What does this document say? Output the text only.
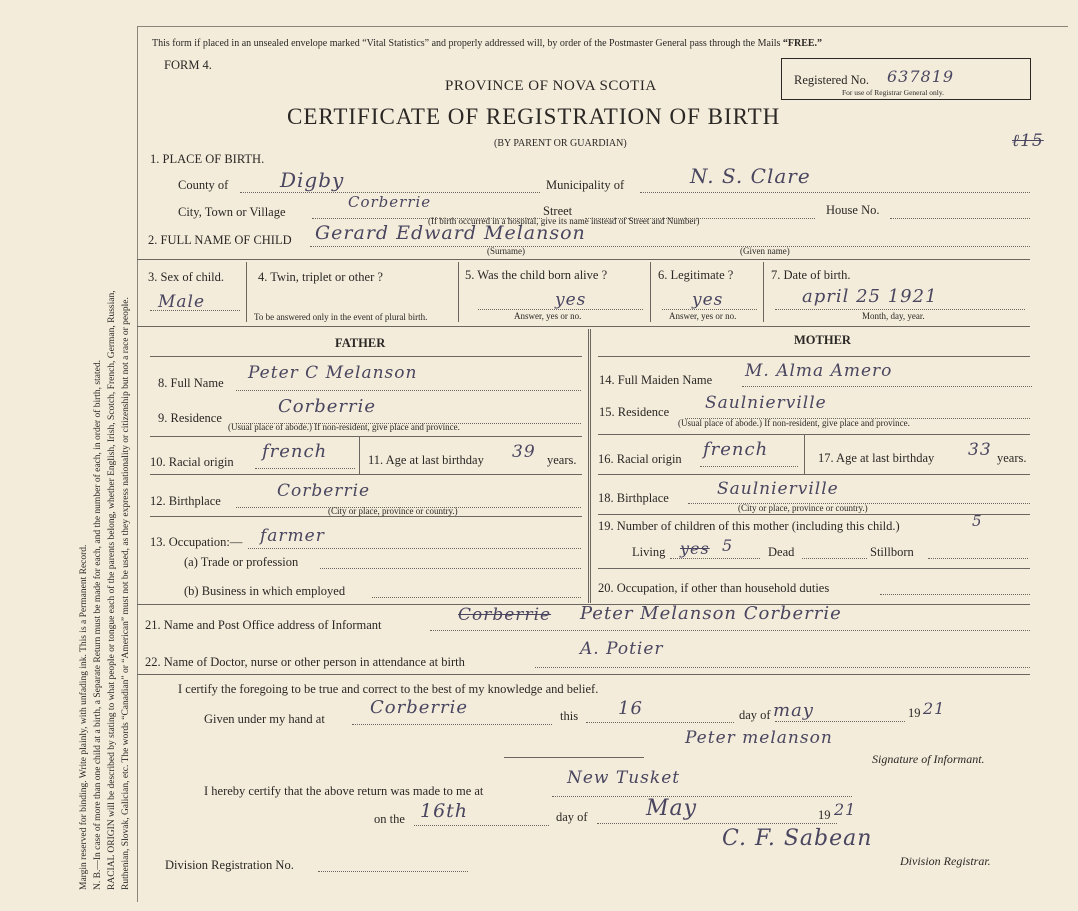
Margin reserved for binding. Write plainly, with unfading ink. This is a Permanent Record. N. B.—In case of more than one child at a birth, a Separate Return must be made for each, and the number of each, in order of birth, stated. RACIAL ORIGIN will be described by stating to what people or tongue each of the parents belong, whether English, Irish, Scotch, French, German, Russian, Ruthenian, Slovak, Galician, etc. The words “Canadian” or “American” must not be used, as they express nationality or citizenship but not a race or people.
This form if placed in an unsealed envelope marked “Vital Statistics” and properly addressed will, by order of the Postmaster General pass through the Mails “FREE.”
FORM 4.
PROVINCE OF NOVA SCOTIA
CERTIFICATE OF REGISTRATION OF BIRTH
(BY PARENT OR GUARDIAN)
Registered No. 637819
For use of Registrar General only.
ℓ15
1. PLACE OF BIRTH.
County of	Digby	Municipality of	N. S. Clare
City, Town or Village
Corberrie	Street	House No.
(If birth occurred in a hospital, give its name instead of Street and Number)
2. FULL NAME OF CHILD Gerard Edward Melanson
(Surname)	(Given name)
3. Sex of child.
Male
4. Twin, triplet or other ?
To be answered only in the event of plural birth.
5. Was the child born alive ?
yes
Answer, yes or no.
6. Legitimate ?
yes
Answer, yes or no.
7. Date of birth.
april 25 1921
Month, day, year.
FATHER	MOTHER
8. Full Name Peter C Melanson	14. Full Maiden Name M. Alma Amero
9. Residence
Corberrie
(Usual place of abode.) If non-resident, give place and province.
15. Residence Saulnierville
(Usual place of abode.) If non-resident, give place and province.
10. Racial origin french	11. Age at last birthday 39 years. 16. Racial origin french	17. Age at last birthday 33 years.
12. Birthplace	Corberrie
(City or place, province or country.)
18. Birthplace	Saulnierville
(City or place, province or country.)
13. Occupation:— farmer
(a) Trade or profession
(b) Business in which employed
19. Number of children of this mother (including this child.)	5
Living yes 5	Dead	Stillborn
20. Occupation, if other than household duties
21. Name and Post Office address of Informant	Corberrie Peter Melanson Corberrie
22. Name of Doctor, nurse or other person in attendance at birth
A. Potier
I certify the foregoing to be true and correct to the best of my knowledge and belief.
Given under my hand at
Corberrie	this 16	day of may	19 21
Peter melanson
Signature of Informant.
I hereby certify that the above return was made to me at
New Tusket
on the 16th	day of	May	19 21
C. F. Sabean
Division Registration No.	Division Registrar.
